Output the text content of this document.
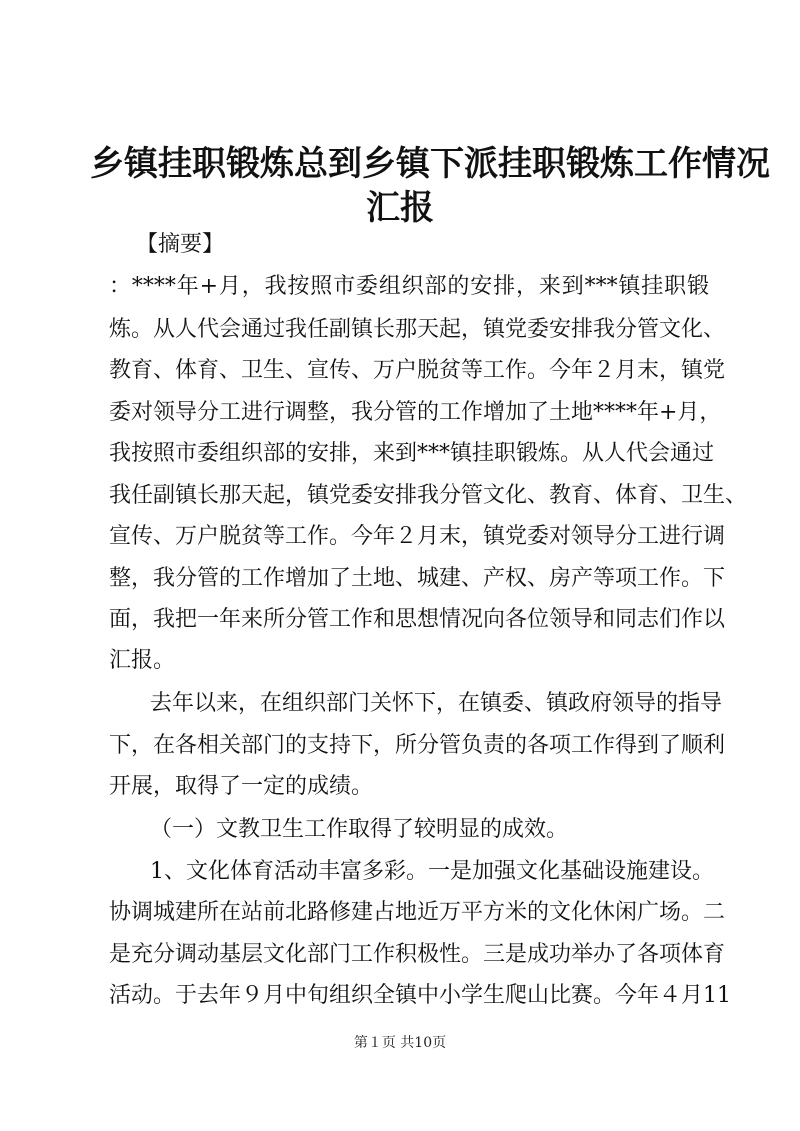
乡镇挂职锻炼总到乡镇下派挂职锻炼工作情况
汇报
【摘要】
：****年+月，我按照市委组织部的安排，来到***镇挂职锻
炼。从人代会通过我任副镇长那天起，镇党委安排我分管文化、
教育、体育、卫生、宣传、万户脱贫等工作。今年２月末，镇党
委对领导分工进行调整，我分管的工作增加了土地****年+月，
我按照市委组织部的安排，来到***镇挂职锻炼。从人代会通过
我任副镇长那天起，镇党委安排我分管文化、教育、体育、卫生、
宣传、万户脱贫等工作。今年２月末，镇党委对领导分工进行调
整，我分管的工作增加了土地、城建、产权、房产等项工作。下
面，我把一年来所分管工作和思想情况向各位领导和同志们作以
汇报。
去年以来，在组织部门关怀下，在镇委、镇政府领导的指导
下，在各相关部门的支持下，所分管负责的各项工作得到了顺利
开展，取得了一定的成绩。
（一）文教卫生工作取得了较明显的成效。
1、文化体育活动丰富多彩。一是加强文化基础设施建设。
协调城建所在站前北路修建占地近万平方米的文化休闲广场。二
是充分调动基层文化部门工作积极性。三是成功举办了各项体育
活动。于去年９月中旬组织全镇中小学生爬山比赛。今年４月11
第１页 共10页
